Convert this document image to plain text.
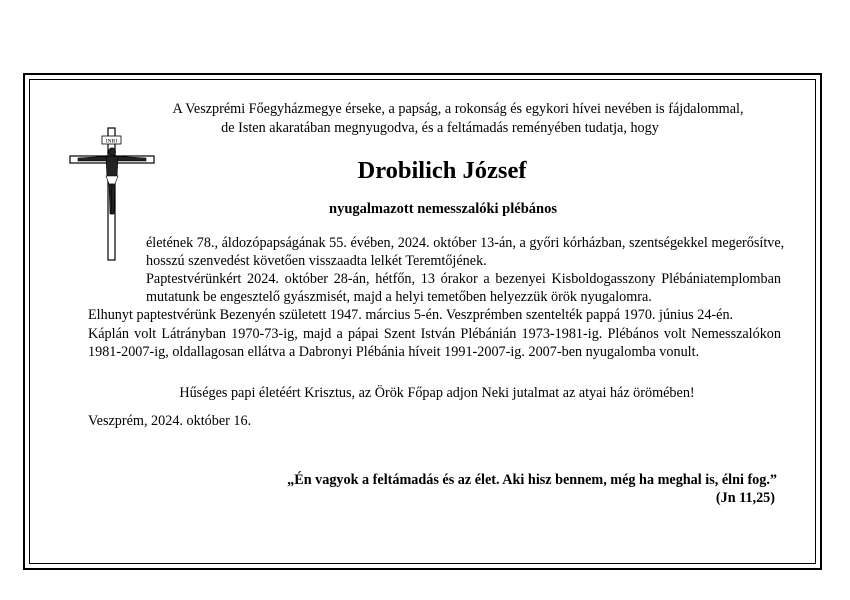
INRI
A Veszprémi Főegyházmegye érseke, a papság, a rokonság és egykori hívei nevében is fájdalommal,
de Isten akaratában megnyugodva, és a feltámadás reményében tudatja, hogy
Drobilich József
nyugalmazott nemesszalóki plébános
életének 78., áldozópapságának 55. évében, 2024. október 13-án, a győri kórházban, szentségekkel megerősítve,
hosszú szenvedést követően visszaadta lelkét Teremtőjének.
Paptestvérünkért 2024. október 28-án, hétfőn, 13 órakor a bezenyei Kisboldogasszony Plébániatemplomban
mutatunk be engesztelő gyászmisét, majd a helyi temetőben helyezzük örök nyugalomra.
Elhunyt paptestvérünk Bezenyén született 1947. március 5-én. Veszprémben szentelték pappá 1970. június 24-én.
Káplán volt Látrányban 1970-73-ig, majd a pápai Szent István Plébánián 1973-1981-ig. Plébános volt Nemesszalókon
1981-2007-ig, oldallagosan ellátva a Dabronyi Plébánia híveit 1991-2007-ig. 2007-ben nyugalomba vonult.
Hűséges papi életéért Krisztus, az Örök Főpap adjon Neki jutalmat az atyai ház örömében!
Veszprém, 2024. október 16.
„Én vagyok a feltámadás és az élet. Aki hisz bennem, még ha meghal is, élni fog.”
(Jn 11,25)
